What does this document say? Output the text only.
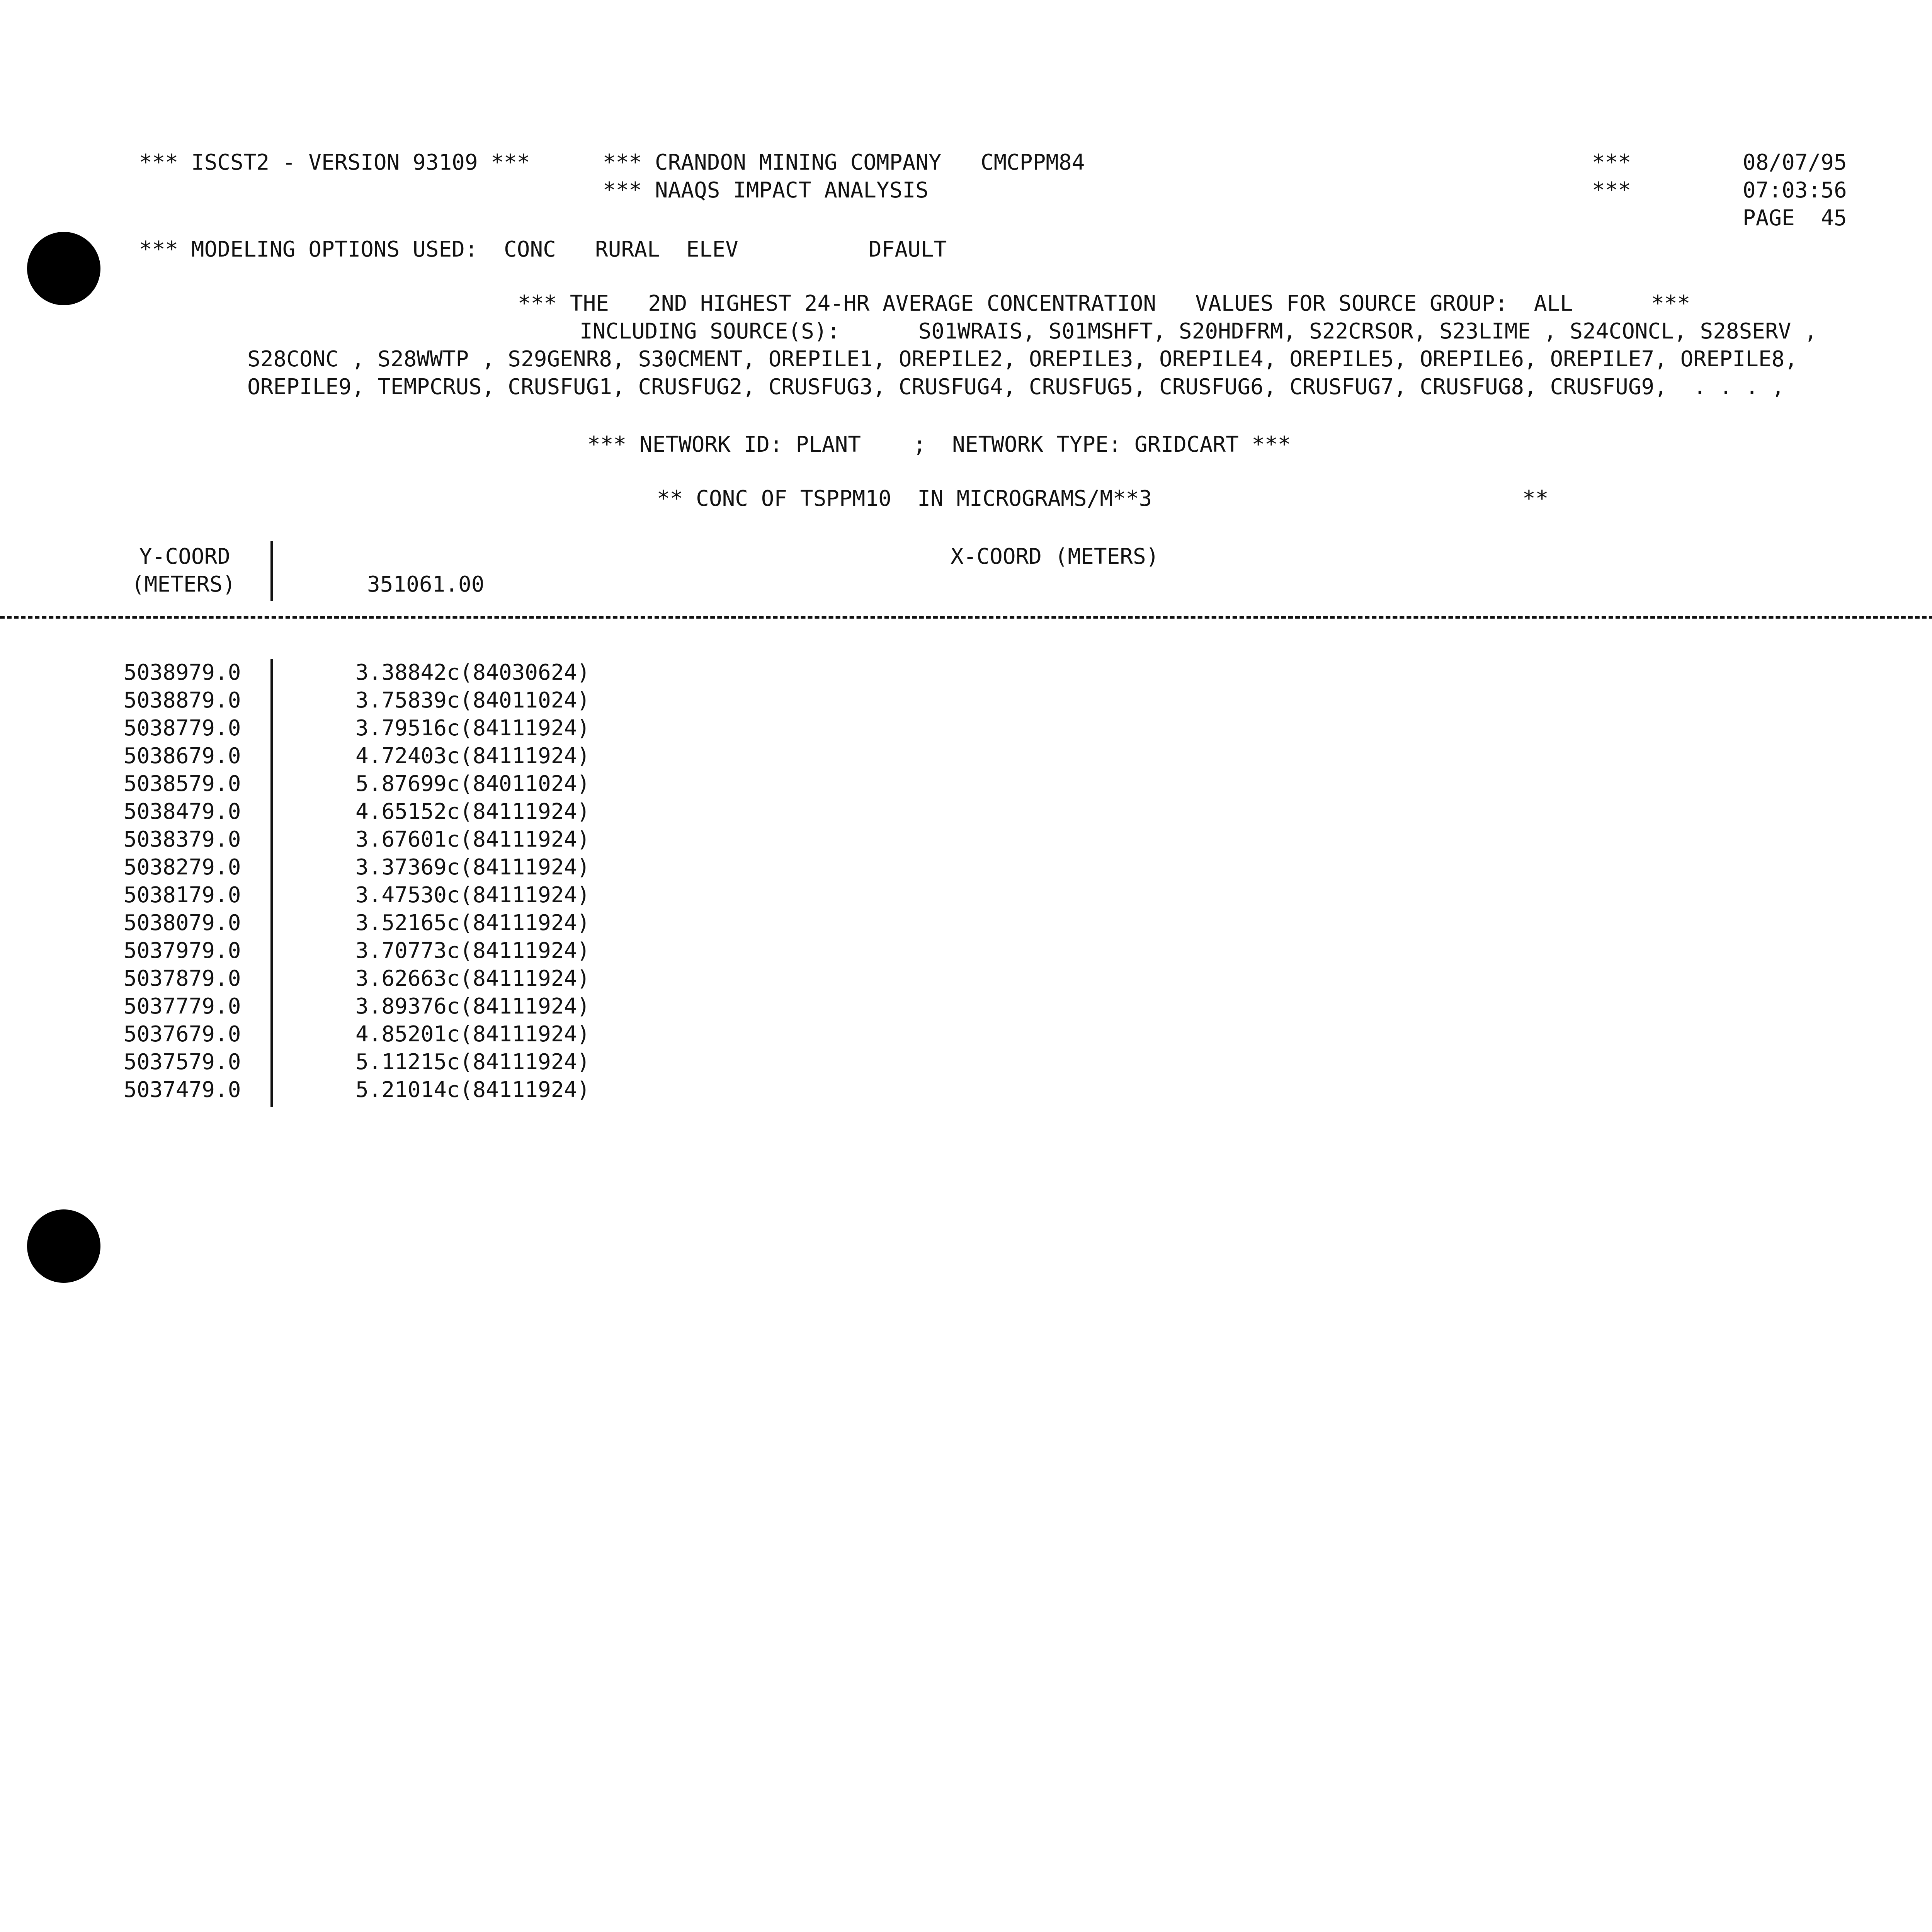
*** ISCST2 - VERSION 93109 ***	*** CRANDON MINING COMPANY   CMCPPM84
*** NAAQS IMPACT ANALYSIS
***
***
08/07/95
07:03:56
PAGE  45
*** MODELING OPTIONS USED:  CONC   RURAL  ELEV          DFAULT
*** THE   2ND HIGHEST 24-HR AVERAGE CONCENTRATION   VALUES FOR SOURCE GROUP:  ALL      ***
INCLUDING SOURCE(S):      S01WRAIS, S01MSHFT, S20HDFRM, S22CRSOR, S23LIME , S24CONCL, S28SERV ,
S28CONC , S28WWTP , S29GENR8, S30CMENT, OREPILE1, OREPILE2, OREPILE3, OREPILE4, OREPILE5, OREPILE6, OREPILE7, OREPILE8,
OREPILE9, TEMPCRUS, CRUSFUG1, CRUSFUG2, CRUSFUG3, CRUSFUG4, CRUSFUG5, CRUSFUG6, CRUSFUG7, CRUSFUG8, CRUSFUG9,  . . . ,
*** NETWORK ID: PLANT    ;  NETWORK TYPE: GRIDCART ***
** CONC OF TSPPM10  IN MICROGRAMS/M**3	**
Y-COORD
(METERS)
X-COORD (METERS)
351061.00
5038979.0	3.38842c(84030624)
5038879.0	3.75839c(84011024)
5038779.0	3.79516c(84111924)
5038679.0	4.72403c(84111924)
5038579.0	5.87699c(84011024)
5038479.0	4.65152c(84111924)
5038379.0	3.67601c(84111924)
5038279.0	3.37369c(84111924)
5038179.0	3.47530c(84111924)
5038079.0	3.52165c(84111924)
5037979.0	3.70773c(84111924)
5037879.0	3.62663c(84111924)
5037779.0	3.89376c(84111924)
5037679.0	4.85201c(84111924)
5037579.0	5.11215c(84111924)
5037479.0	5.21014c(84111924)
